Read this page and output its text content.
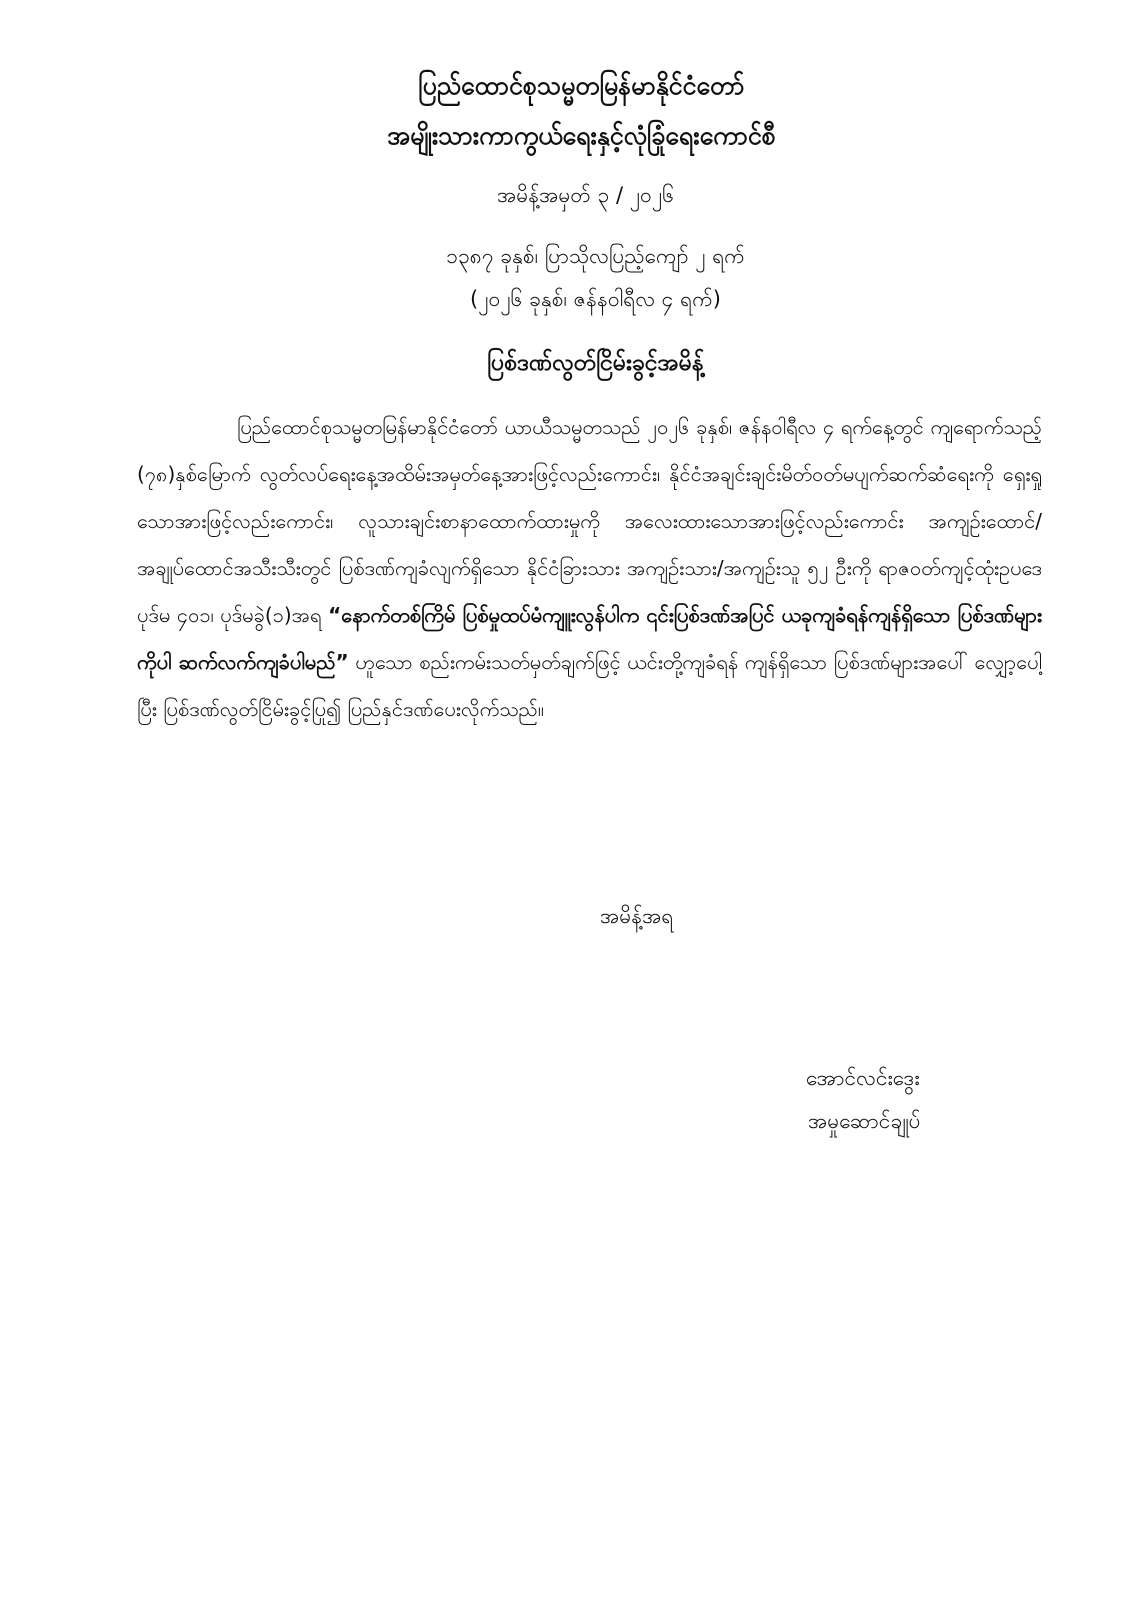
ပြည်ထောင်စုသမ္မတမြန်မာနိုင်ငံတော်
အမျိုးသားကာကွယ်ရေးနှင့်လုံခြုံရေးကောင်စီ
အမိန့်အမှတ် ၃ / ၂၀၂၆
၁၃၈၇ ခုနှစ်၊ ပြာသိုလပြည့်ကျော် ၂ ရက်
(၂၀၂၆ ခုနှစ်၊ ဇန်နဝါရီလ ၄ ရက်)
ပြစ်ဒဏ်လွတ်ငြိမ်းခွင့်အမိန့်
ပြည်ထောင်စုသမ္မတမြန်မာနိုင်ငံတော် ယာယီသမ္မတသည် ၂၀၂၆ ခုနှစ်၊ ဇန်နဝါရီလ ၄ ရက်နေ့တွင် ကျရောက်သည့် (၇၈)နှစ်မြောက် လွတ်လပ်ရေးနေ့အထိမ်းအမှတ်နေ့အားဖြင့်လည်းကောင်း၊ နိုင်ငံအချင်းချင်းမိတ်ဝတ်မပျက်ဆက်ဆံရေးကို ရှေးရှုသောအားဖြင့်လည်းကောင်း၊ လူသားချင်းစာနာထောက်ထားမှုကို အလေးထားသောအားဖြင့်လည်းကောင်း အကျဉ်းထောင်/အချုပ်ထောင်အသီးသီးတွင် ပြစ်ဒဏ်ကျခံလျက်ရှိသော နိုင်ငံခြားသား အကျဉ်းသား/အကျဉ်းသူ ၅၂ ဦးကို ရာဇဝတ်ကျင့်ထုံးဥပဒေ ပုဒ်မ ၄၀၁၊ ပုဒ်မခွဲ(၁)အရ “နောက်တစ်ကြိမ် ပြစ်မှုထပ်မံကျူးလွန်ပါက ၎င်းပြစ်ဒဏ်အပြင် ယခုကျခံရန်ကျန်ရှိသော ပြစ်ဒဏ်များကိုပါ ဆက်လက်ကျခံပါမည်” ဟူသော စည်းကမ်းသတ်မှတ်ချက်ဖြင့် ယင်းတို့ကျခံရန် ကျန်ရှိသော ပြစ်ဒဏ်များအပေါ် လျှော့ပေါ့ပြီး ပြစ်ဒဏ်လွတ်ငြိမ်းခွင့်ပြု၍ ပြည်နှင်ဒဏ်ပေးလိုက်သည်။
အမိန့်အရ
အောင်လင်းဒွေး
အမှုဆောင်ချုပ်
